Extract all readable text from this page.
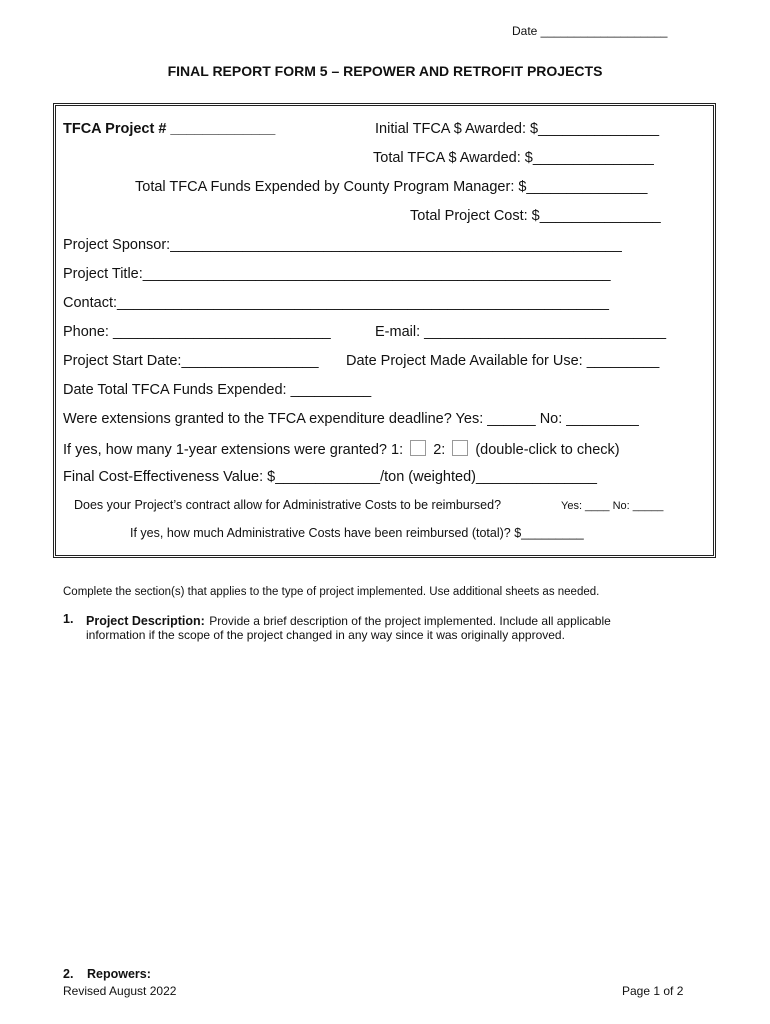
Date ___________________
FINAL REPORT FORM 5 – REPOWER AND RETROFIT PROJECTS
TFCA Project # _____________	Initial TFCA $ Awarded: $_______________
Total TFCA $ Awarded: $_______________
Total TFCA Funds Expended by County Program Manager: $_______________
Total Project Cost: $_______________
Project Sponsor:________________________________________________________
Project Title:__________________________________________________________
Contact:_____________________________________________________________
Phone: ___________________________	E-mail: ______________________________
Project Start Date:_________________ Date Project Made Available for Use: _________
Date Total TFCA Funds Expended: __________
Were extensions granted to the TFCA expenditure deadline? Yes: ______ No: _________
If yes, how many 1-year extensions were granted? 1: 2: (double-click to check)
Final Cost-Effectiveness Value: $_____________/ton (weighted)_______________
Does your Project’s contract allow for Administrative Costs to be reimbursed?	Yes: ____ No: _____
If yes, how much Administrative Costs have been reimbursed (total)? $_________
Complete the section(s) that applies to the type of project implemented. Use additional sheets as needed.
1. Project Description: Provide a brief description of the project implemented. Include all applicable
information if the scope of the project changed in any way since it was originally approved.
2. Repowers:
Revised August 2022	Page 1 of 2
